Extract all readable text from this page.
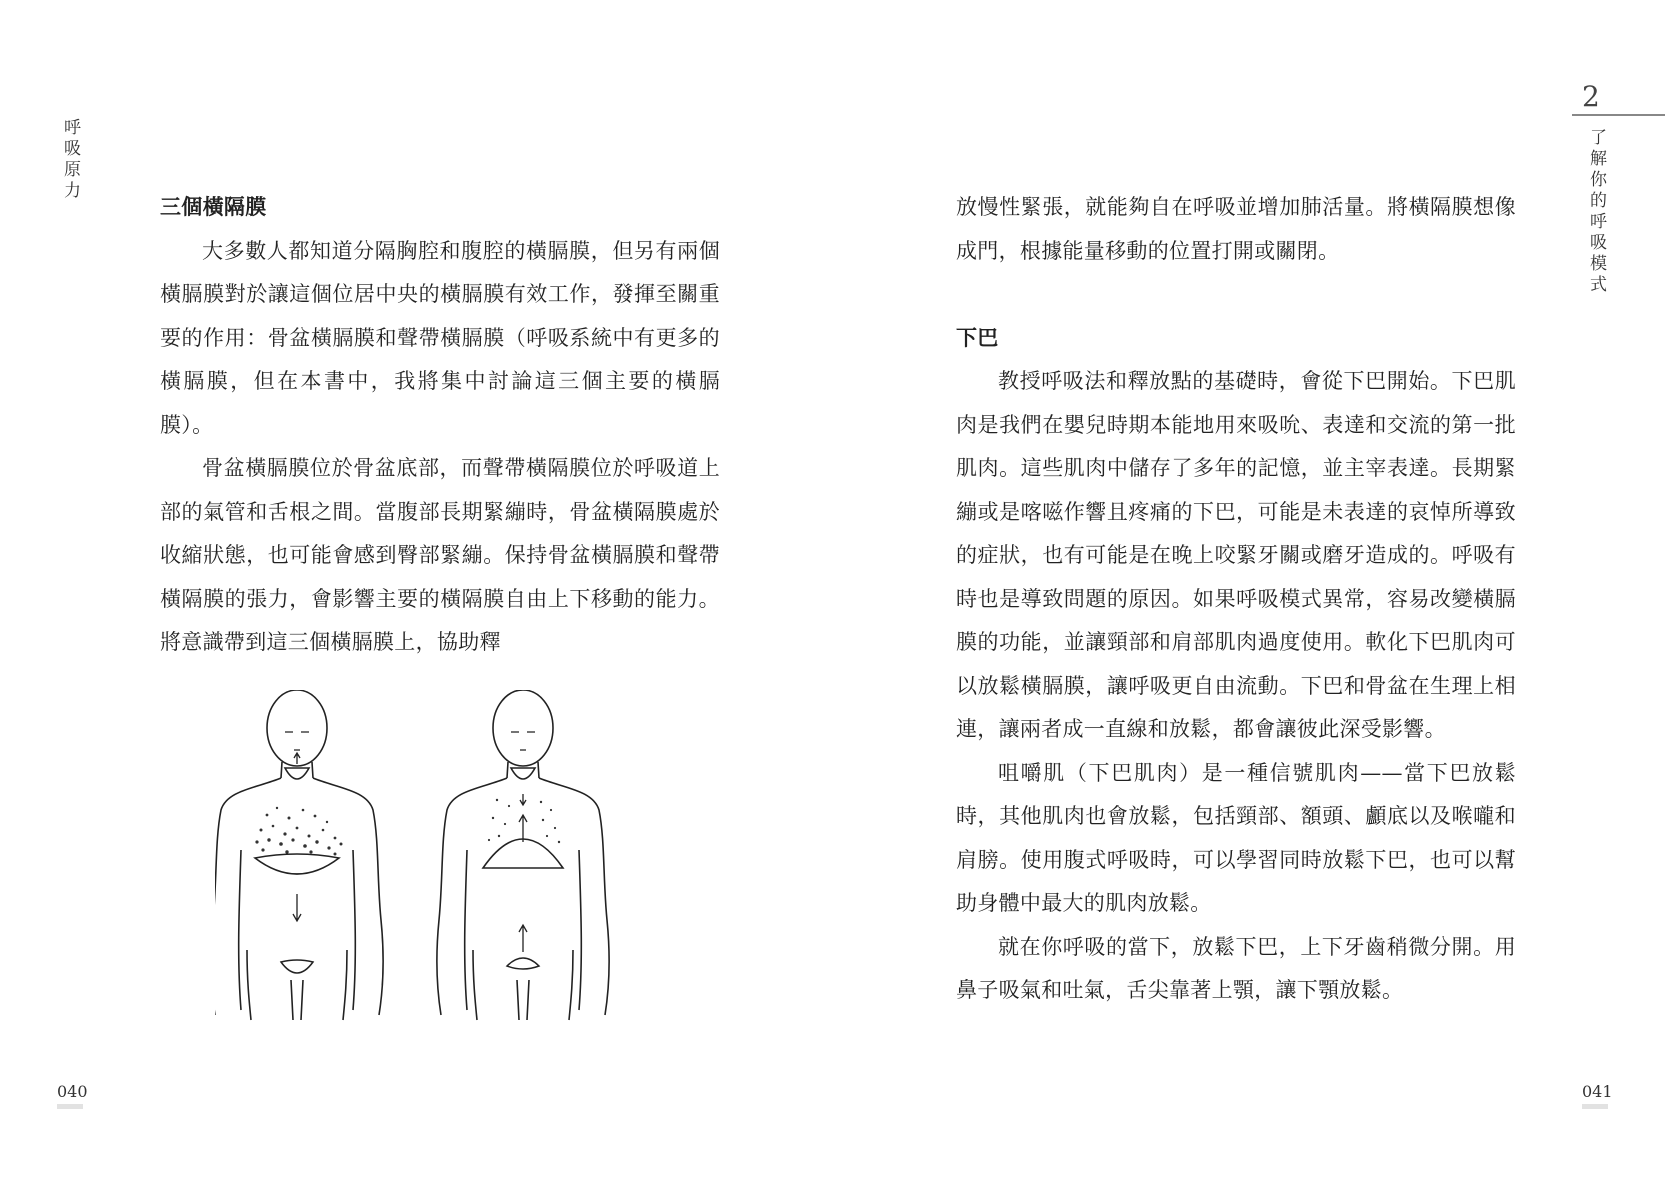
呼吸原力
2
了解你的呼吸模式
三個橫隔膜

大多數人都知道分隔胸腔和腹腔的橫膈膜，但另有兩個橫膈膜對於讓這個位居中央的橫膈膜有效工作，發揮至關重要的作用：骨盆橫膈膜和聲帶橫膈膜（呼吸系統中有更多的橫膈膜，但在本書中，我將集中討論這三個主要的橫膈膜）。

骨盆橫膈膜位於骨盆底部，而聲帶橫隔膜位於呼吸道上部的氣管和舌根之間。當腹部長期緊繃時，骨盆橫隔膜處於收縮狀態，也可能會感到臀部緊繃。保持骨盆橫膈膜和聲帶橫隔膜的張力，會影響主要的橫隔膜自由上下移動的能力。將意識帶到這三個橫膈膜上，協助釋

放慢性緊張，就能夠自在呼吸並增加肺活量。將橫隔膜想像成門，根據能量移動的位置打開或關閉。

下巴

教授呼吸法和釋放點的基礎時，會從下巴開始。下巴肌肉是我們在嬰兒時期本能地用來吸吮、表達和交流的第一批肌肉。這些肌肉中儲存了多年的記憶，並主宰表達。長期緊繃或是喀嗞作響且疼痛的下巴，可能是未表達的哀悼所導致的症狀，也有可能是在晚上咬緊牙關或磨牙造成的。呼吸有時也是導致問題的原因。如果呼吸模式異常，容易改變橫膈膜的功能，並讓頸部和肩部肌肉過度使用。軟化下巴肌肉可以放鬆橫膈膜，讓呼吸更自由流動。下巴和骨盆在生理上相連，讓兩者成一直線和放鬆，都會讓彼此深受影響。

咀嚼肌（下巴肌肉）是一種信號肌肉——當下巴放鬆時，其他肌肉也會放鬆，包括頸部、額頭、顱底以及喉嚨和肩膀。使用腹式呼吸時，可以學習同時放鬆下巴，也可以幫助身體中最大的肌肉放鬆。

就在你呼吸的當下，放鬆下巴，上下牙齒稍微分開。用鼻子吸氣和吐氣，舌尖靠著上顎，讓下顎放鬆。

040	041
